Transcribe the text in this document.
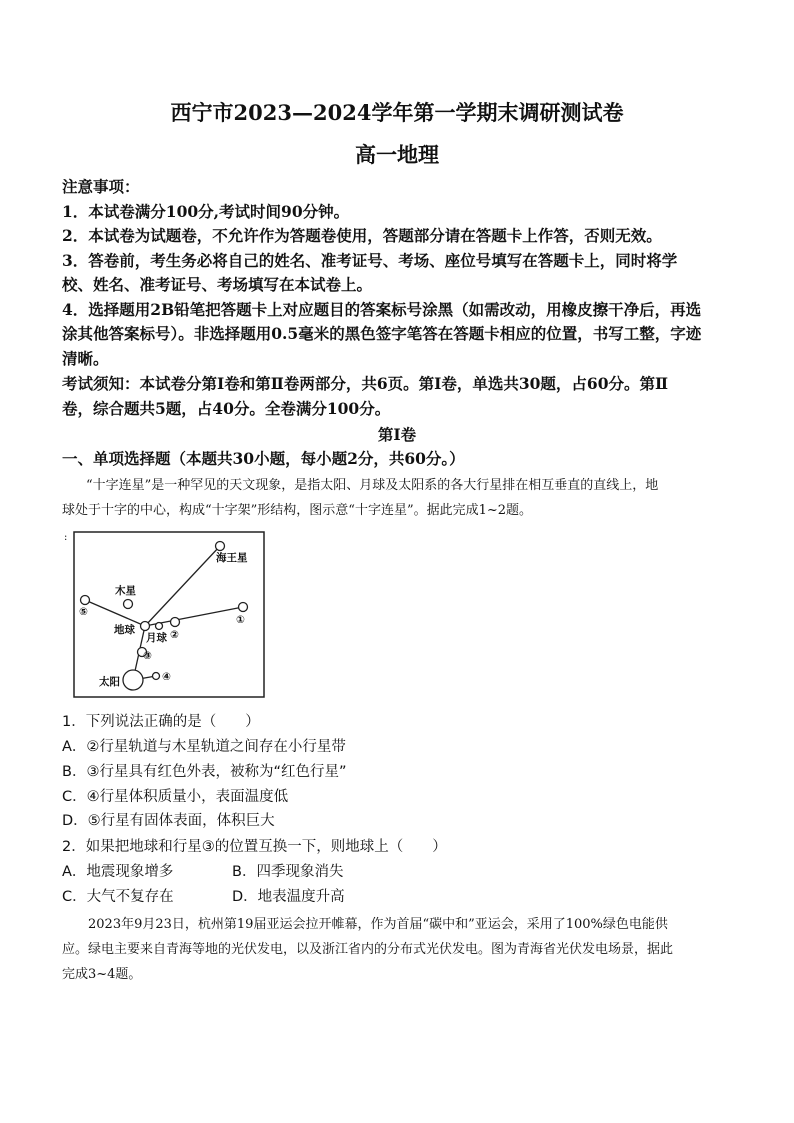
西宁市2023—2024学年第一学期末调研测试卷
高一地理
注意事项：
1．本试卷满分100分,考试时间90分钟。
2．本试卷为试题卷，不允许作为答题卷使用，答题部分请在答题卡上作答，否则无效。
3．答卷前，考生务必将自己的姓名、准考证号、考场、座位号填写在答题卡上，同时将学
校、姓名、准考证号、考场填写在本试卷上。
4．选择题用2B铅笔把答题卡上对应题目的答案标号涂黑（如需改动，用橡皮擦干净后，再选
涂其他答案标号）。非选择题用0.5毫米的黑色签字笔答在答题卡相应的位置，书写工整，字迹
清晰。
考试须知：本试卷分第Ⅰ卷和第Ⅱ卷两部分，共6页。第Ⅰ卷，单选共30题，占60分。第Ⅱ
卷，综合题共5题，占40分。全卷满分100分。
第Ⅰ卷
一、单项选择题（本题共30小题，每小题2分，共60分。）
“十字连星”是一种罕见的天文现象，是指太阳、月球及太阳系的各大行星排在相互垂直的直线上，地
球处于十字的中心，构成“十字架”形结构，图示意“十字连星”。据此完成1~2题。
:
海王星
木星
地球
月球
太阳
①
②
③
④
⑤
1．下列说法正确的是（　　）
A．②行星轨道与木星轨道之间存在小行星带
B．③行星具有红色外表，被称为“红色行星”
C．④行星体积质量小，表面温度低
D．⑤行星有固体表面，体积巨大
2．如果把地球和行星③的位置互换一下，则地球上（　　）
A．地震现象增多	B．四季现象消失
C．大气不复存在	D．地表温度升高
2023年9月23日，杭州第19届亚运会拉开帷幕，作为首届“碳中和”亚运会，采用了100%绿色电能供
应。绿电主要来自青海等地的光伏发电，以及浙江省内的分布式光伏发电。图为青海省光伏发电场景，据此
完成3~4题。
